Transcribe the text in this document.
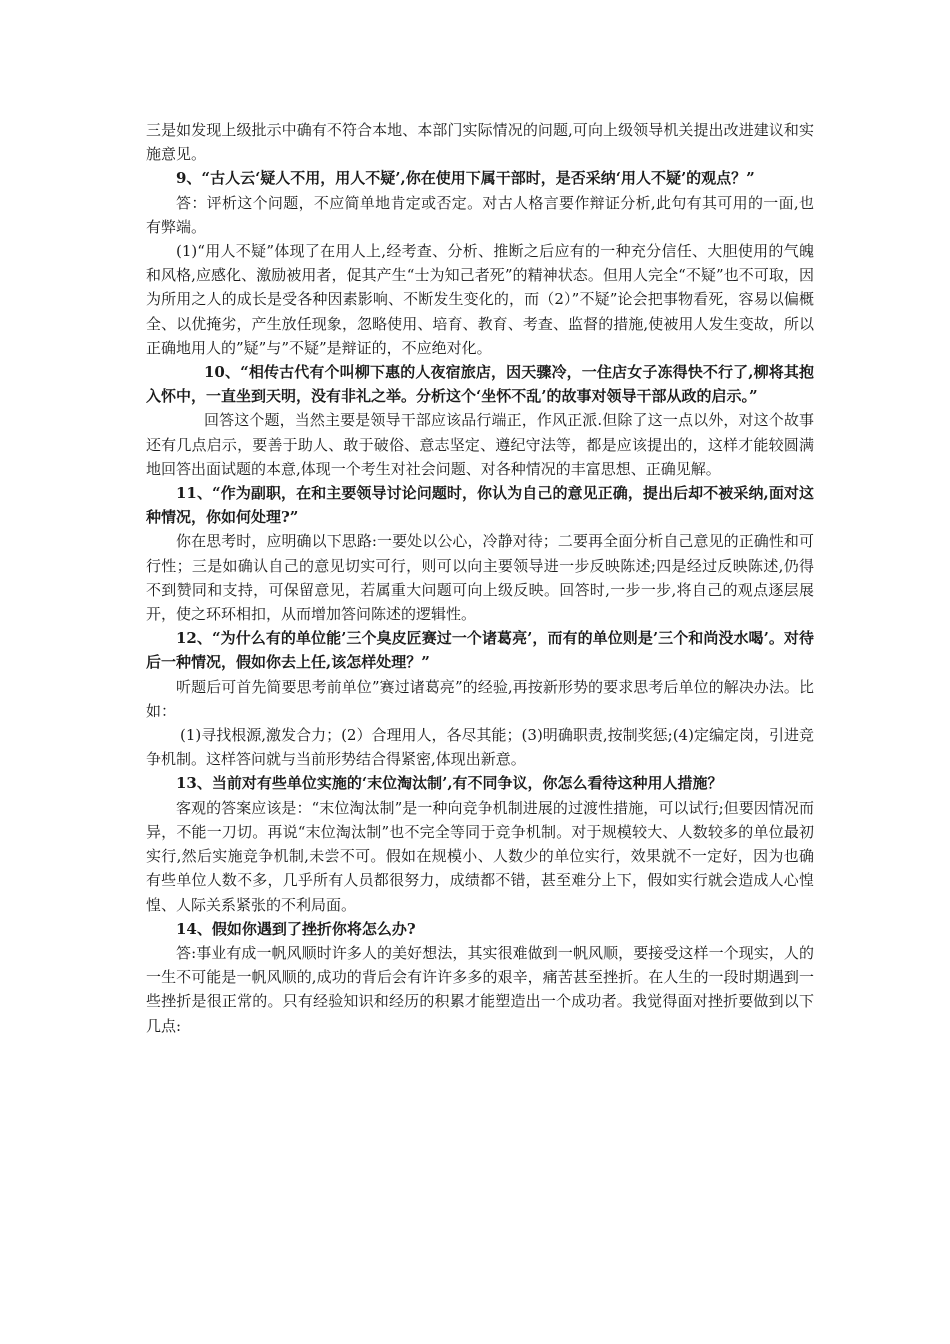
三是如发现上级批示中确有不符合本地、本部门实际情况的问题,可向上级领导机关提出改进建议和实施意见。

9、“古人云‘疑人不用，用人不疑’,你在使用下属干部时，是否采纳‘用人不疑’的观点？”

答：评析这个问题，不应简单地肯定或否定。对古人格言要作辩证分析,此句有其可用的一面,也有弊端。

(1)“用人不疑”体现了在用人上,经考查、分析、推断之后应有的一种充分信任、大胆使用的气魄和风格,应感化、激励被用者，促其产生“士为知己者死”的精神状态。但用人完全“不疑”也不可取，因为所用之人的成长是受各种因素影响、不断发生变化的，而（2）”不疑”论会把事物看死，容易以偏概全、以优掩劣，产生放任现象，忽略使用、培育、教育、考查、监督的措施,使被用人发生变故，所以正确地用人的”疑”与”不疑”是辩证的，不应绝对化。

10、“相传古代有个叫柳下惠的人夜宿旅店，因天骤冷，一住店女子冻得快不行了,柳将其抱入怀中，一直坐到天明，没有非礼之举。分析这个‘坐怀不乱’的故事对领导干部从政的启示。”

回答这个题，当然主要是领导干部应该品行端正，作风正派.但除了这一点以外，对这个故事还有几点启示，要善于助人、敢于破俗、意志坚定、遵纪守法等，都是应该提出的，这样才能较圆满地回答出面试题的本意,体现一个考生对社会问题、对各种情况的丰富思想、正确见解。

11、“作为副职，在和主要领导讨论问题时，你认为自己的意见正确，提出后却不被采纳,面对这种情况，你如何处理?”

你在思考时，应明确以下思路:一要处以公心，冷静对待；二要再全面分析自己意见的正确性和可行性；三是如确认自己的意见切实可行，则可以向主要领导进一步反映陈述;四是经过反映陈述,仍得不到赞同和支持，可保留意见，若属重大问题可向上级反映。回答时,一步一步,将自己的观点逐层展开，使之环环相扣，从而增加答问陈述的逻辑性。

12、“为什么有的单位能’三个臭皮匠赛过一个诸葛亮’，而有的单位则是’三个和尚没水喝’。对待后一种情况，假如你去上任,该怎样处理？”

听题后可首先简要思考前单位”赛过诸葛亮”的经验,再按新形势的要求思考后单位的解决办法。比如：

(1)寻找根源,激发合力；(2）合理用人，各尽其能；(3)明确职责,按制奖惩;(4)定编定岗，引进竞争机制。这样答问就与当前形势结合得紧密,体现出新意。

13、当前对有些单位实施的‘末位淘汰制’,有不同争议，你怎么看待这种用人措施？

客观的答案应该是：“末位淘汰制”是一种向竞争机制进展的过渡性措施，可以试行;但要因情况而异，不能一刀切。再说“末位淘汰制”也不完全等同于竞争机制。对于规模较大、人数较多的单位最初实行,然后实施竞争机制,未尝不可。假如在规模小、人数少的单位实行，效果就不一定好，因为也确有些单位人数不多，几乎所有人员都很努力，成绩都不错，甚至难分上下，假如实行就会造成人心惶惶、人际关系紧张的不利局面。

14、假如你遇到了挫折你将怎么办?

答:事业有成一帆风顺时许多人的美好想法，其实很难做到一帆风顺，要接受这样一个现实，人的一生不可能是一帆风顺的,成功的背后会有许许多多的艰辛，痛苦甚至挫折。在人生的一段时期遇到一些挫折是很正常的。只有经验知识和经历的积累才能塑造出一个成功者。我觉得面对挫折要做到以下几点:
